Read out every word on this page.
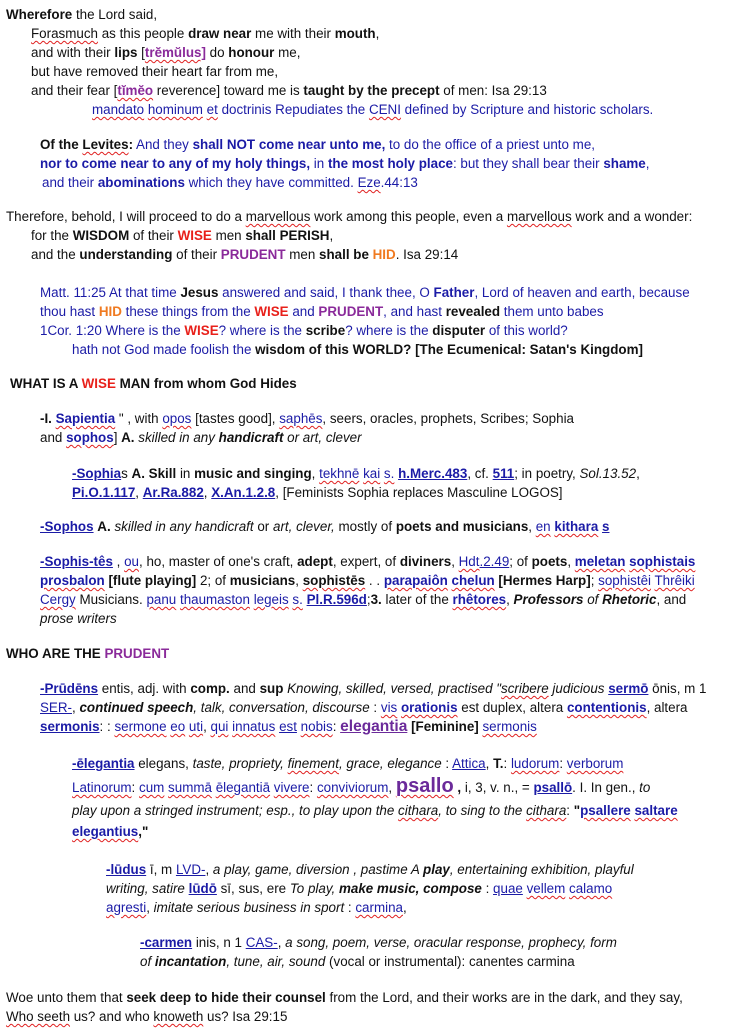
Wherefore the Lord said,
Forasmuch as this people draw near me with their mouth,
and with their lips [trĕmŭlus] do honour me,
but have removed their heart far from me,
and their fear [tĭmĕo reverence] toward me is taught by the precept of men: Isa 29:13
mandato hominum et doctrinis Repudiates the CENI defined by Scripture and historic scholars.
Of the Levites: And they shall NOT come near unto me, to do the office of a priest unto me,
nor to come near to any of my holy things, in the most holy place: but they shall bear their shame,
and their abominations which they have committed. Eze.44:13
Therefore, behold, I will proceed to do a marvellous work among this people, even a marvellous work and a wonder:
for the WISDOM of their WISE men shall PERISH,
and the understanding of their PRUDENT men shall be HID. Isa 29:14
Matt. 11:25 At that time Jesus answered and said, I thank thee, O Father, Lord of heaven and earth, because
thou hast HID these things from the WISE and PRUDENT, and hast revealed them unto babes
1Cor. 1:20 Where is the WISE? where is the scribe? where is the disputer of this world?
hath not God made foolish the wisdom of this WORLD? [The Ecumenical: Satan's Kingdom]
WHAT IS A WISE MAN from whom God Hides
-I. Sapientia " , with opos [tastes good], saphēs, seers, oracles, prophets, Scribes; Sophia
and sophos] A. skilled in any handicraft or art, clever
-Sophias A. Skill in music and singing, tekhnē kai s. h.Merc.483, cf. 511; in poetry, Sol.13.52,
Pi.O.1.117, Ar.Ra.882, X.An.1.2.8, [Feminists Sophia replaces Masculine LOGOS]
-Sophos A. skilled in any handicraft or art, clever, mostly of poets and musicians, en kithara s
-Sophis-tês , ou, ho, master of one's craft, adept, expert, of diviners, Hdt.2.49; of poets, meletan sophistais
prosbalon [flute playing] 2; of musicians, sophistēs . . parapaiôn chelun [Hermes Harp]; sophistêi Thrêiki
Cergy Musicians. panu thaumaston legeis s. Pl.R.596d;3. later of the rhêtores, Professors of Rhetoric, and
prose writers
WHO ARE THE PRUDENT
-Prūdēns entis, adj. with comp. and sup Knowing, skilled, versed, practised "scribere judicious sermō ōnis, m 1
SER-, continued speech, talk, conversation, discourse : vis orationis est duplex, altera contentionis, altera
sermonis: : sermone eo uti, qui innatus est nobis: elegantia [Feminine] sermonis
-ēlegantia elegans, taste, propriety, finement, grace, elegance : Attica, T.: ludorum: verborum
Latinorum: cum summā ēlegantiā vivere: conviviorum, psallo , i, 3, v. n., = psallō. I. In gen., to
play upon a stringed instrument; esp., to play upon the cithara, to sing to the cithara: "psallere saltare
elegantius,"
-lūdus ī, m LVD-, a play, game, diversion , pastime A play, entertaining exhibition, playful
writing, satire lūdō sī, sus, ere To play, make music, compose : quae vellem calamo
agresti, imitate serious business in sport : carmina,
-carmen inis, n 1 CAS-, a song, poem, verse, oracular response, prophecy, form
of incantation, tune, air, sound (vocal or instrumental): canentes carmina
Woe unto them that seek deep to hide their counsel from the Lord, and their works are in the dark, and they say,
Who seeth us? and who knoweth us? Isa 29:15
